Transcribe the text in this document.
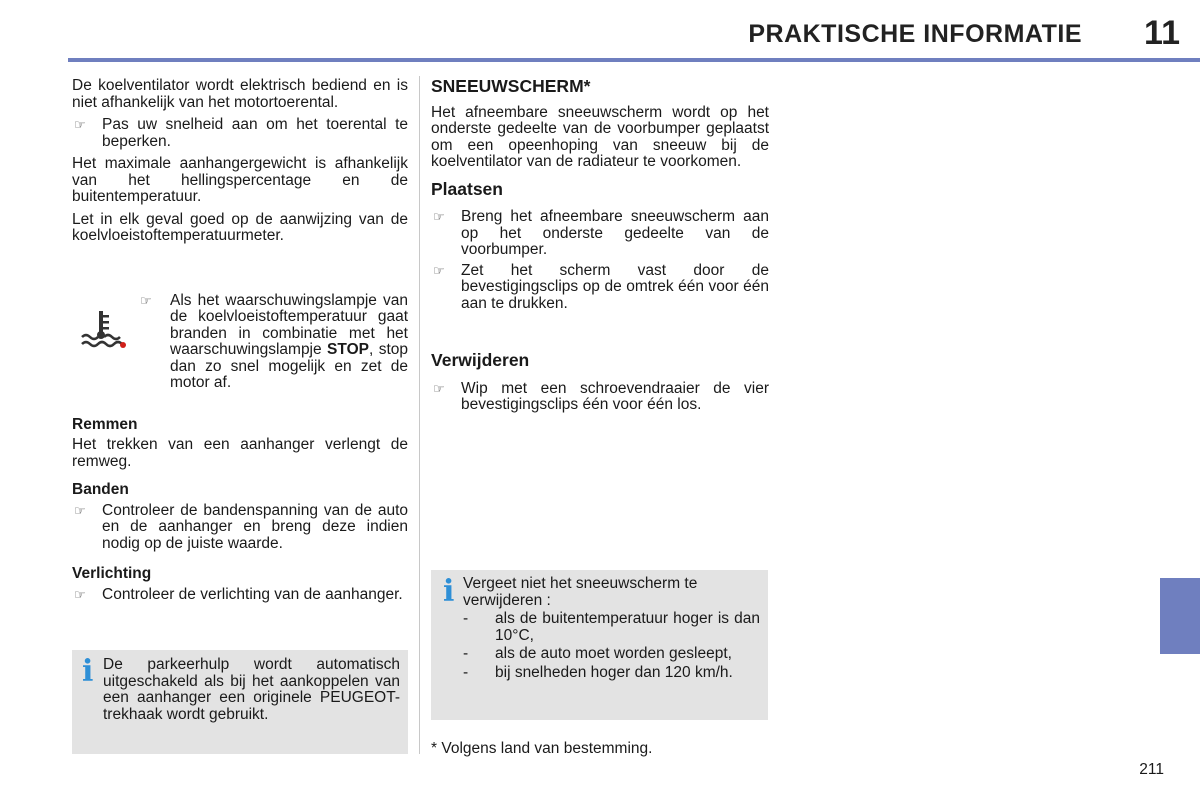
PRAKTISCHE INFORMATIE 11

De koelventilator wordt elektrisch bediend en is niet afhankelijk van het motortoerental.

☞ Pas uw snelheid aan om het toerental te beperken.

Het maximale aanhangergewicht is afhankelijk van het hellingspercentage en de buitentemperatuur.

Let in elk geval goed op de aanwijzing van de koelvloeistoftemperatuurmeter.

☞	Als het waarschuwingslampje van de koelvloeistoftemperatuur gaat branden in combinatie met het waarschuwingslampje STOP, stop dan zo snel mogelijk en zet de motor af.
Remmen

Het trekken van een aanhanger verlengt de remweg.

Banden
☞ Controleer de bandenspanning van de auto en de aanhanger en breng deze indien nodig op de juiste waarde.
Verlichting
☞ Controleer de verlichting van de aanhanger.
i De parkeerhulp wordt automatisch uitgeschakeld als bij het aankoppelen van een aanhanger een originele PEUGEOT-trekhaak wordt gebruikt.
SNEEUWSCHERM*

Het afneembare sneeuwscherm wordt op het onderste gedeelte van de voorbumper geplaatst om een opeenhoping van sneeuw bij de koelventilator van de radiateur te voorkomen.

Plaatsen
☞ Breng het afneembare sneeuwscherm aan op het onderste gedeelte van de voorbumper.
☞ Zet het scherm vast door de bevestigingsclips op de omtrek één voor één aan te drukken.
Verwijderen
☞ Wip met een schroevendraaier de vier bevestigingsclips één voor één los.
i Vergeet niet het sneeuwscherm te verwijderen :
- als de buitentemperatuur hoger is dan 10°C,
- als de auto moet worden gesleept,
- bij snelheden hoger dan 120 km/h.
* Volgens land van bestemming.
211
